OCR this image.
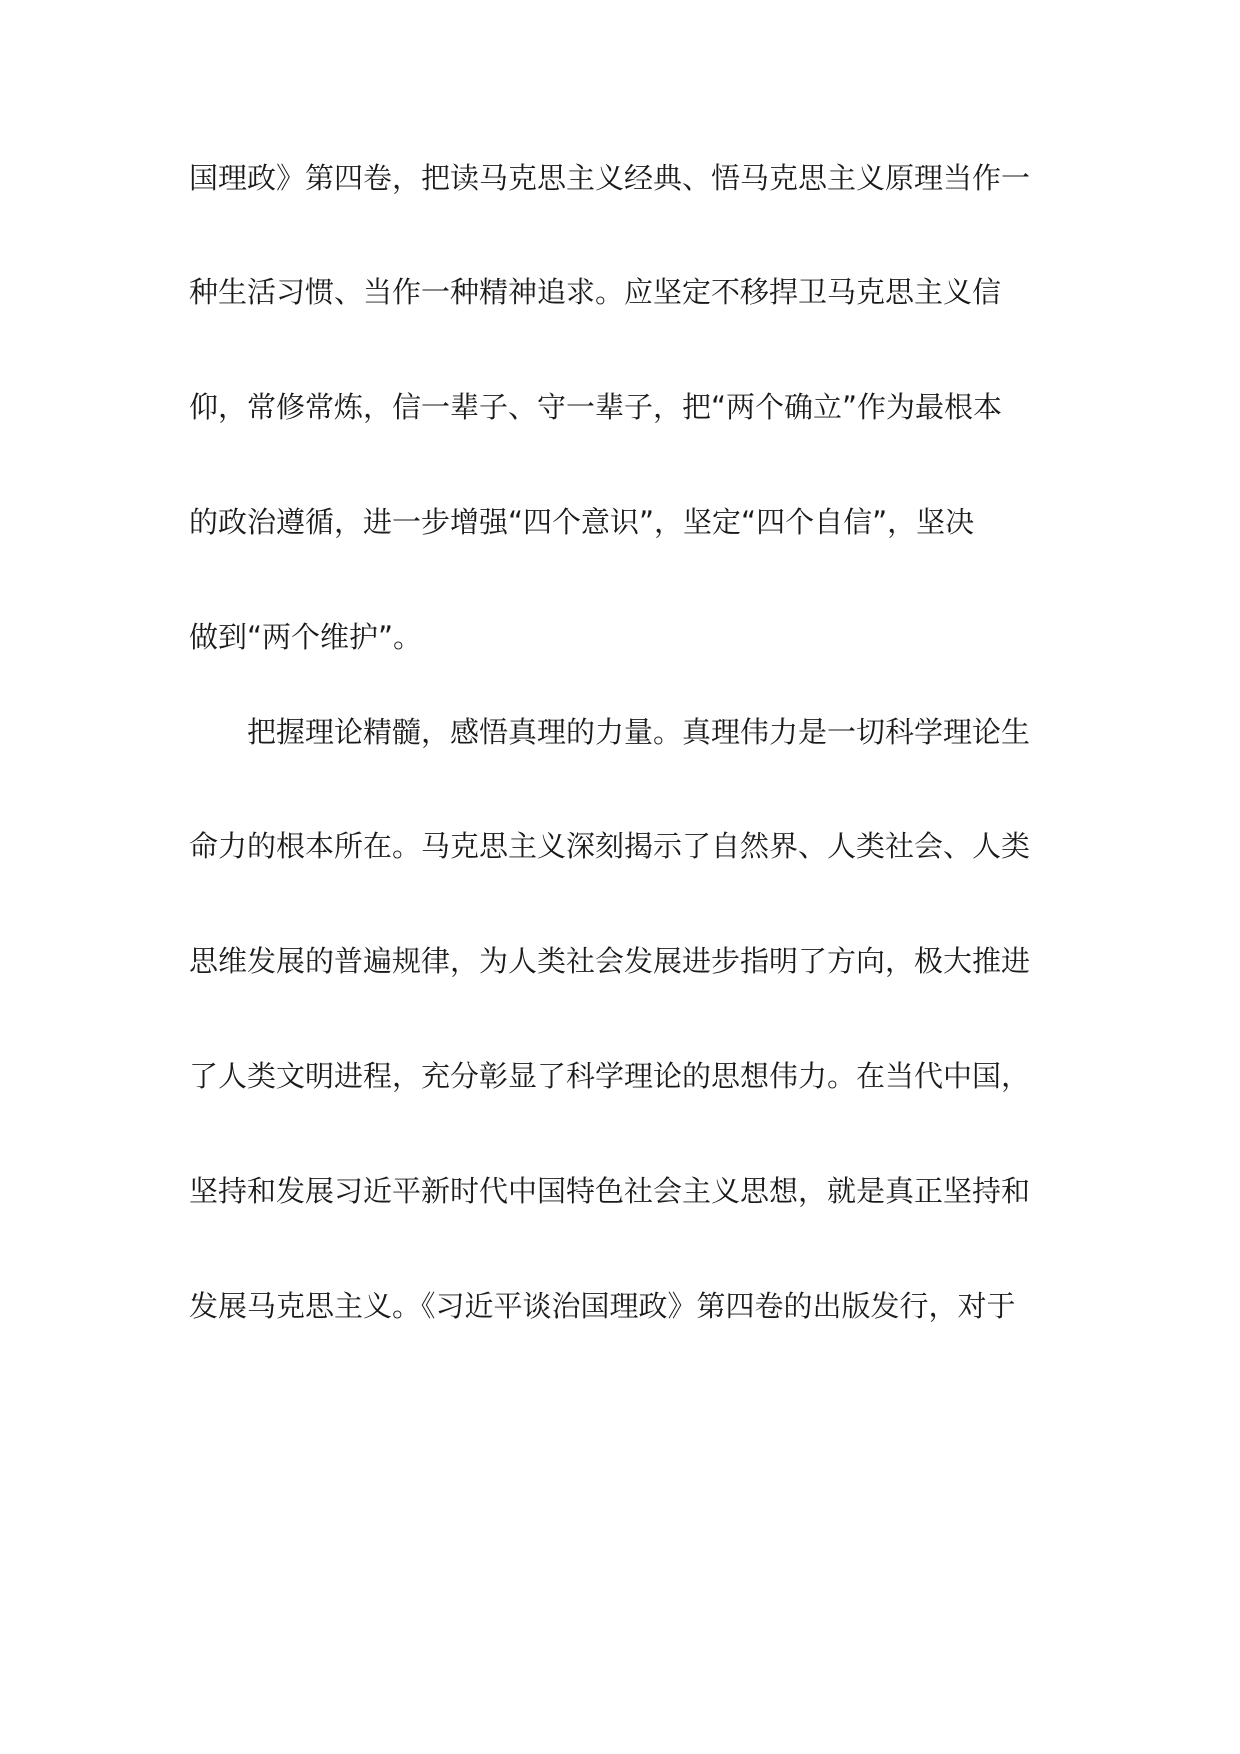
国理政》第四卷，把读马克思主义经典、悟马克思主义原理当作一
种生活习惯、当作一种精神追求。应坚定不移捍卫马克思主义信
仰，常修常炼，信一辈子、守一辈子，把“两个确立”作为最根本
的政治遵循，进一步增强“四个意识”，坚定“四个自信”，坚决
做到“两个维护”。
把握理论精髓，感悟真理的力量。真理伟力是一切科学理论生
命力的根本所在。马克思主义深刻揭示了自然界、人类社会、人类
思维发展的普遍规律，为人类社会发展进步指明了方向，极大推进
了人类文明进程，充分彰显了科学理论的思想伟力。在当代中国，
坚持和发展习近平新时代中国特色社会主义思想，就是真正坚持和
发展马克思主义。《习近平谈治国理政》第四卷的出版发行，对于
